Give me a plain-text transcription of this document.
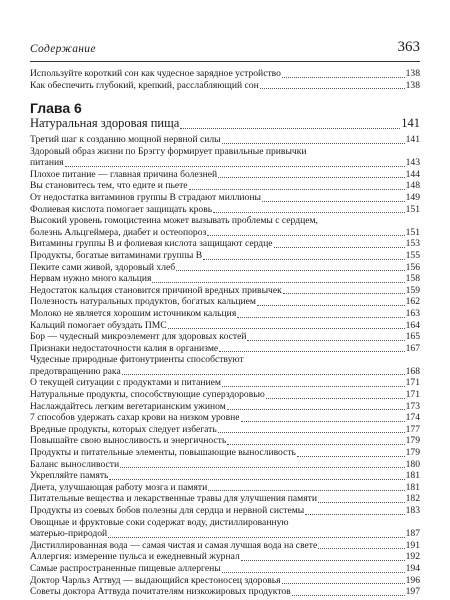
Содержание	363
Используйте короткий сон как чудесное зарядное устройство	138
Как обеспечить глубокий, крепкий, расслабляющий сон	138
Глава 6
Натуральная здоровая пища	141
Третий шаг к созданию мощной нервной силы	141
Здоровый образ жизни по Брэггу формирует правильные привычки
питания	143
Плохое питание — главная причина болезней	144
Вы становитесь тем, что едите и пьете	148
От недостатка витаминов группы В страдают миллионы	149
Фолиевая кислота помогает защищать кровь	151
Высокий уровень гомоцистеина может вызывать проблемы с сердцем,
болезнь Альцгеймера, диабет и остеопороз	151
Витамины группы В и фолиевая кислота защищают сердце	153
Продукты, богатые витаминами группы В	155
Пеките сами живой, здоровый хлеб	156
Нервам нужно много кальция	158
Недостаток кальция становится причиной вредных привычек	159
Полезность натуральных продуктов, богатых кальцием	162
Молоко не является хорошим источником кальция	163
Кальций помогает обуздать ПМС	164
Бор — чудесный микроэлемент для здоровых костей	165
Признаки недостаточности калия в организме	167
Чудесные природные фитонутриенты способствуют
предотвращению рака	168
О текущей ситуации с продуктами и питанием	171
Натуральные продукты, способствующие суперздоровью	171
Наслаждайтесь легким вегетарианским ужином	173
7 способов удержать сахар крови на низком уровне	174
Вредные продукты, которых следует избегать	177
Повышайте свою выносливость и энергичность	179
Продукты и питательные элементы, повышающие выносливость	179
Баланс выносливости	180
Укрепляйте память	181
Диета, улучшающая работу мозга и памяти	181
Питательные вещества и лекарственные травы для улучшения памяти	182
Продукты из соевых бобов полезны для сердца и нервной системы	183
Овощные и фруктовые соки содержат воду, дистиллированную
матерью-природой	187
Дистиллированная вода — самая чистая и самая лучшая вода на свете	191
Аллергия: измерение пульса и ежедневный журнал	192
Самые распространенные пищевые аллергены	194
Доктор Чарльз Аттвуд — выдающийся крестоносец здоровья	196
Советы доктора Аттвуда почитателям низкожировых продуктов	197
